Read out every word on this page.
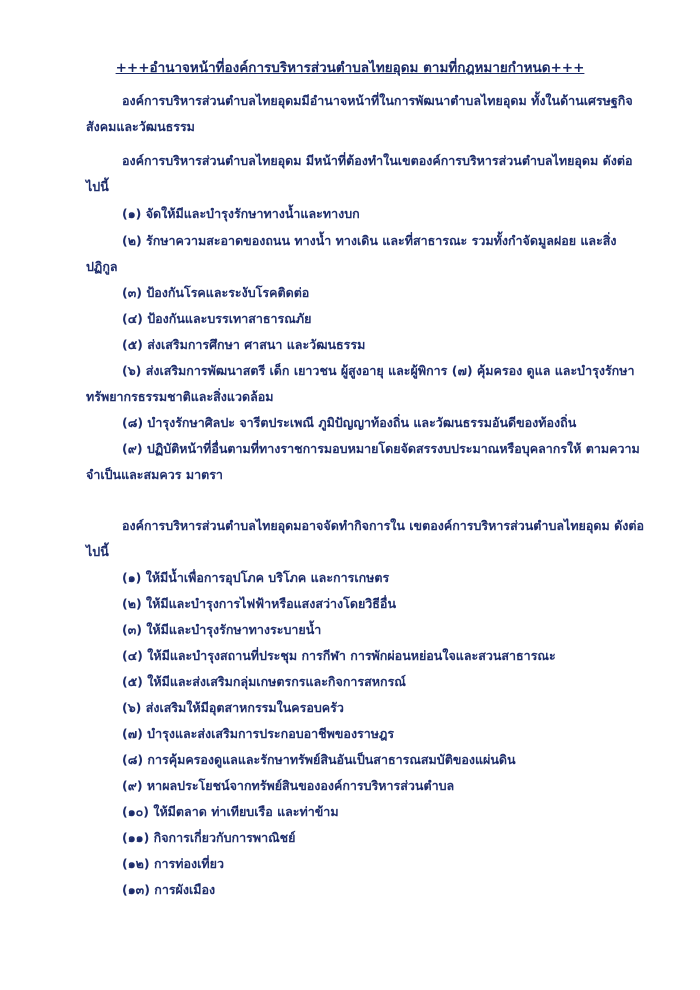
+++อำนาจหน้าที่องค์การบริหารส่วนตำบลไทยอุดม ตามที่กฎหมายกำหนด+++
องค์การบริหารส่วนตำบลไทยอุดมมีอำนาจหน้าที่ในการพัฒนาตำบลไทยอุดม ทั้งในด้านเศรษฐกิจ สังคมและวัฒนธรรม
องค์การบริหารส่วนตำบลไทยอุดม มีหน้าที่ต้องทำในเขตองค์การบริหารส่วนตำบลไทยอุดม ดังต่อไปนี้
(๑) จัดให้มีและบำรุงรักษาทางน้ำและทางบก
(๒) รักษาความสะอาดของถนน ทางน้ำ ทางเดิน และที่สาธารณะ รวมทั้งกำจัดมูลฝอย และสิ่งปฏิกูล
(๓) ป้องกันโรคและระงับโรคติดต่อ
(๔) ป้องกันและบรรเทาสาธารณภัย
(๕) ส่งเสริมการศึกษา ศาสนา และวัฒนธรรม
(๖) ส่งเสริมการพัฒนาสตรี เด็ก เยาวชน ผู้สูงอายุ และผู้พิการ (๗) คุ้มครอง ดูแล และบำรุงรักษาทรัพยากรธรรมชาติและสิ่งแวดล้อม
(๘) บำรุงรักษาศิลปะ จารีตประเพณี ภูมิปัญญาท้องถิ่น และวัฒนธรรมอันดีของท้องถิ่น
(๙) ปฏิบัติหน้าที่อื่นตามที่ทางราชการมอบหมายโดยจัดสรรงบประมาณหรือบุคลากรให้ ตามความจำเป็นและสมควร มาตรา
องค์การบริหารส่วนตำบลไทยอุดมอาจจัดทำกิจการใน เขตองค์การบริหารส่วนตำบลไทยอุดม ดังต่อไปนี้
(๑) ให้มีน้ำเพื่อการอุปโภค บริโภค และการเกษตร
(๒) ให้มีและบำรุงการไฟฟ้าหรือแสงสว่างโดยวิธีอื่น
(๓) ให้มีและบำรุงรักษาทางระบายน้ำ
(๔) ให้มีและบำรุงสถานที่ประชุม การกีฬา การพักผ่อนหย่อนใจและสวนสาธารณะ
(๕) ให้มีและส่งเสริมกลุ่มเกษตรกรและกิจการสหกรณ์
(๖) ส่งเสริมให้มีอุตสาหกรรมในครอบครัว
(๗) บำรุงและส่งเสริมการประกอบอาชีพของราษฎร
(๘) การคุ้มครองดูแลและรักษาทรัพย์สินอันเป็นสาธารณสมบัติของแผ่นดิน
(๙) หาผลประโยชน์จากทรัพย์สินขององค์การบริหารส่วนตำบล
(๑๐) ให้มีตลาด ท่าเทียบเรือ และท่าข้าม
(๑๑) กิจการเกี่ยวกับการพาณิชย์
(๑๒) การท่องเที่ยว
(๑๓) การผังเมือง
